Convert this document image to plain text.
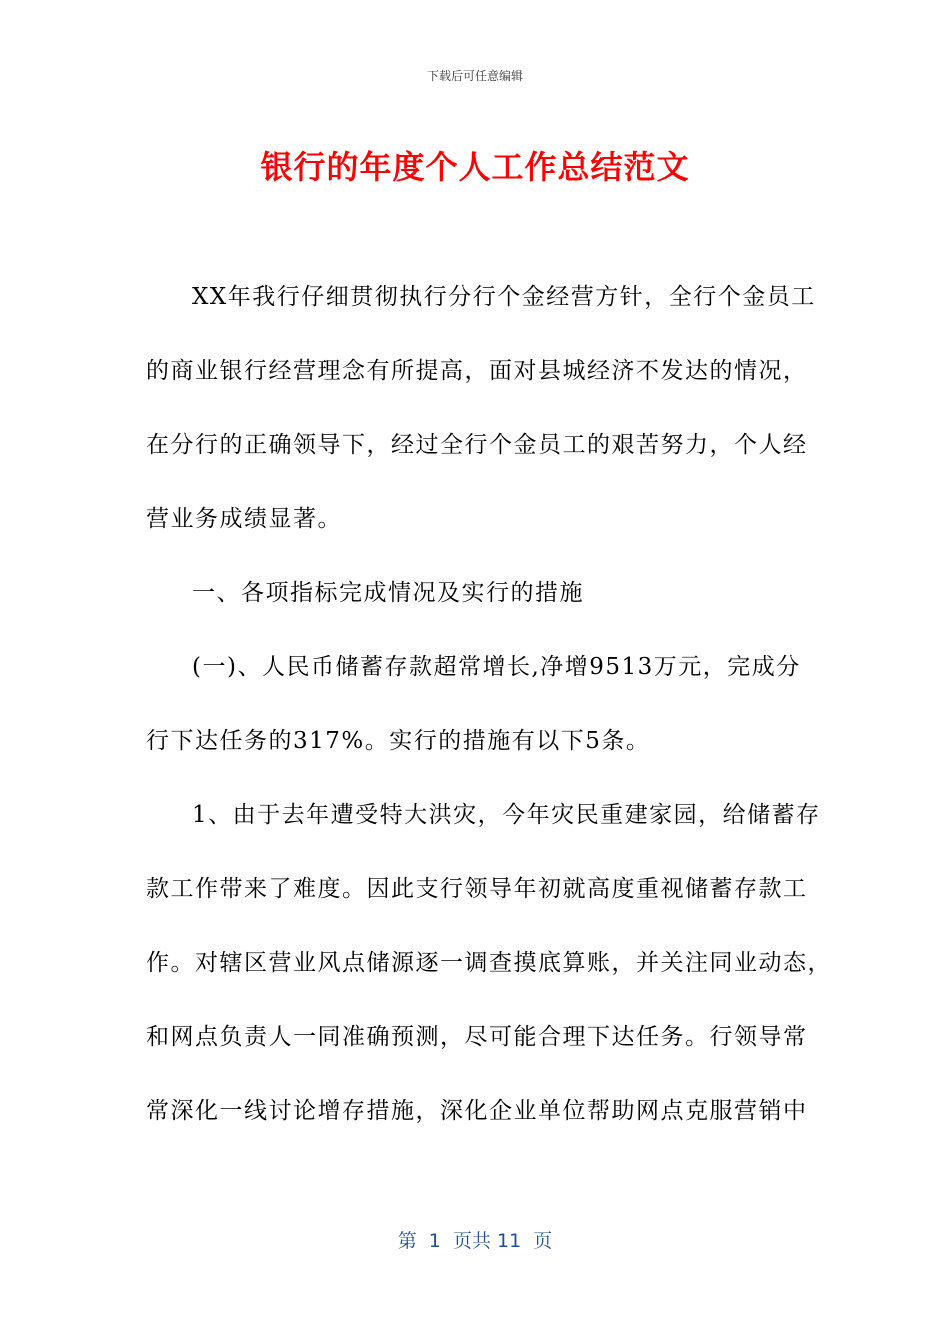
下载后可任意编辑
银行的年度个人工作总结范文
XX年我行仔细贯彻执行分行个金经营方针，全行个金员工
的商业银行经营理念有所提高，面对县城经济不发达的情况，
在分行的正确领导下，经过全行个金员工的艰苦努力，个人经
营业务成绩显著。
一、各项指标完成情况及实行的措施
(一)、人民币储蓄存款超常增长,净增9513万元，完成分
行下达任务的317%。实行的措施有以下5条。
1、由于去年遭受特大洪灾，今年灾民重建家园，给储蓄存
款工作带来了难度。因此支行领导年初就高度重视储蓄存款工
作。对辖区营业风点储源逐一调查摸底算账，并关注同业动态，
和网点负责人一同准确预测，尽可能合理下达任务。行领导常
常深化一线讨论增存措施，深化企业单位帮助网点克服营销中
第  1  页共 11  页
